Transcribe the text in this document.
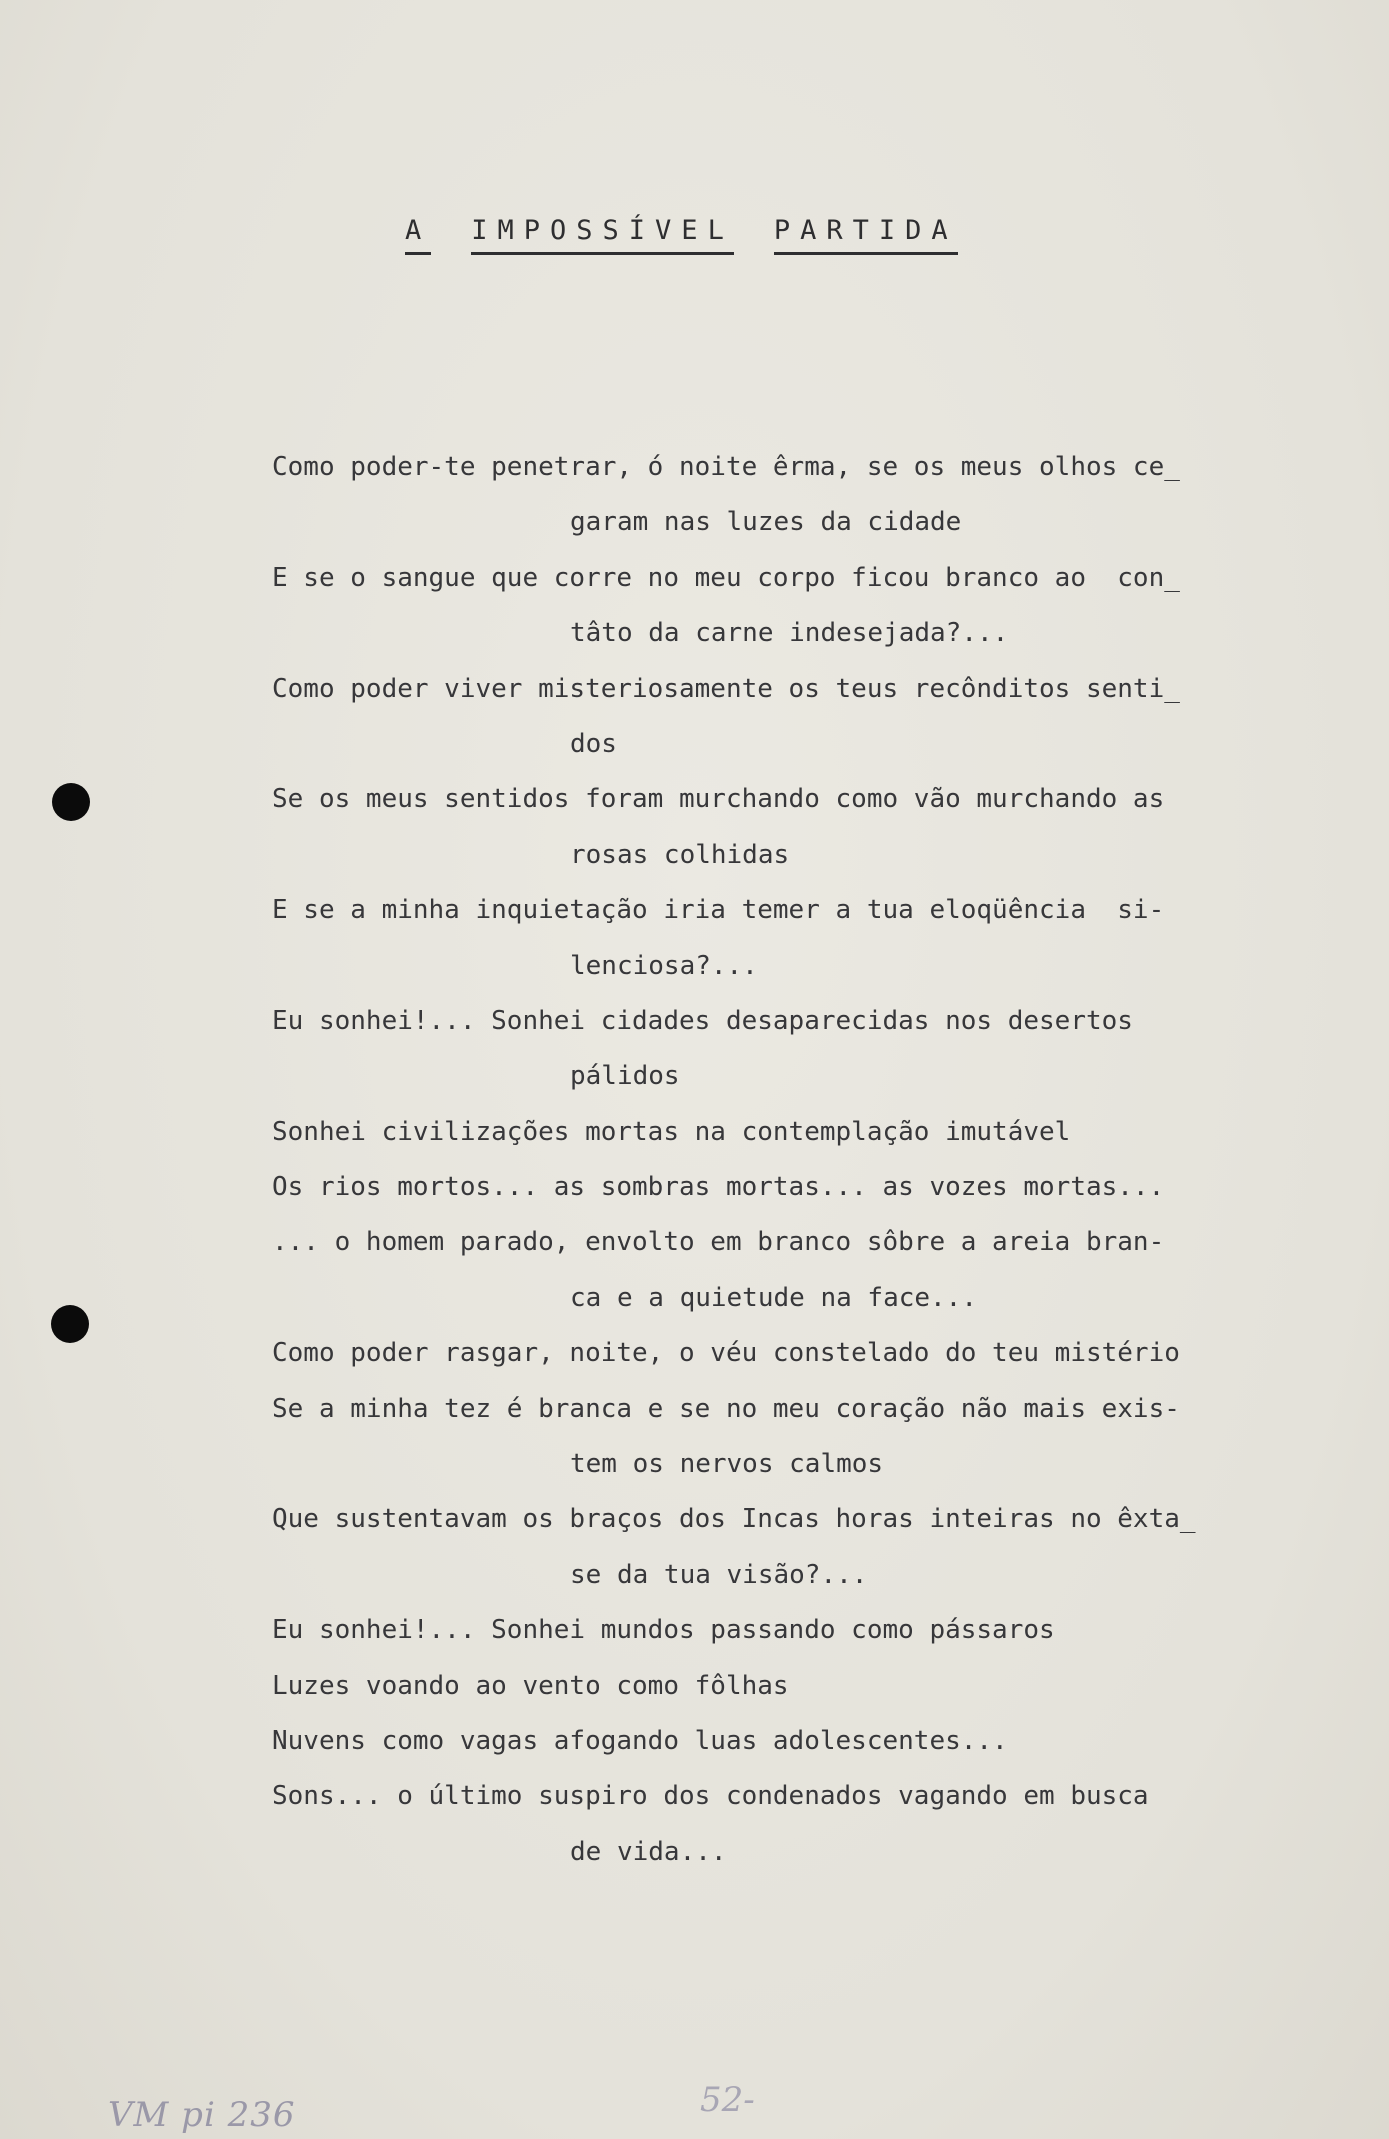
A IMPOSSÍVEL PARTIDA
Como poder-te penetrar, ó noite êrma, se os meus olhos ce_
garam nas luzes da cidade
E se o sangue que corre no meu corpo ficou branco ao  con_
tâto da carne indesejada?...
Como poder viver misteriosamente os teus recônditos senti_
dos
Se os meus sentidos foram murchando como vão murchando as
rosas colhidas
E se a minha inquietação iria temer a tua eloqüência  si-
lenciosa?...
Eu sonhei!... Sonhei cidades desaparecidas nos desertos
pálidos
Sonhei civilizações mortas na contemplação imutável
Os rios mortos... as sombras mortas... as vozes mortas...
... o homem parado, envolto em branco sôbre a areia bran-
ca e a quietude na face...
Como poder rasgar, noite, o véu constelado do teu mistério
Se a minha tez é branca e se no meu coração não mais exis-
tem os nervos calmos
Que sustentavam os braços dos Incas horas inteiras no êxta_
se da tua visão?...
Eu sonhei!... Sonhei mundos passando como pássaros
Luzes voando ao vento como fôlhas
Nuvens como vagas afogando luas adolescentes...
Sons... o último suspiro dos condenados vagando em busca
de vida...
VM pi 236	52-
